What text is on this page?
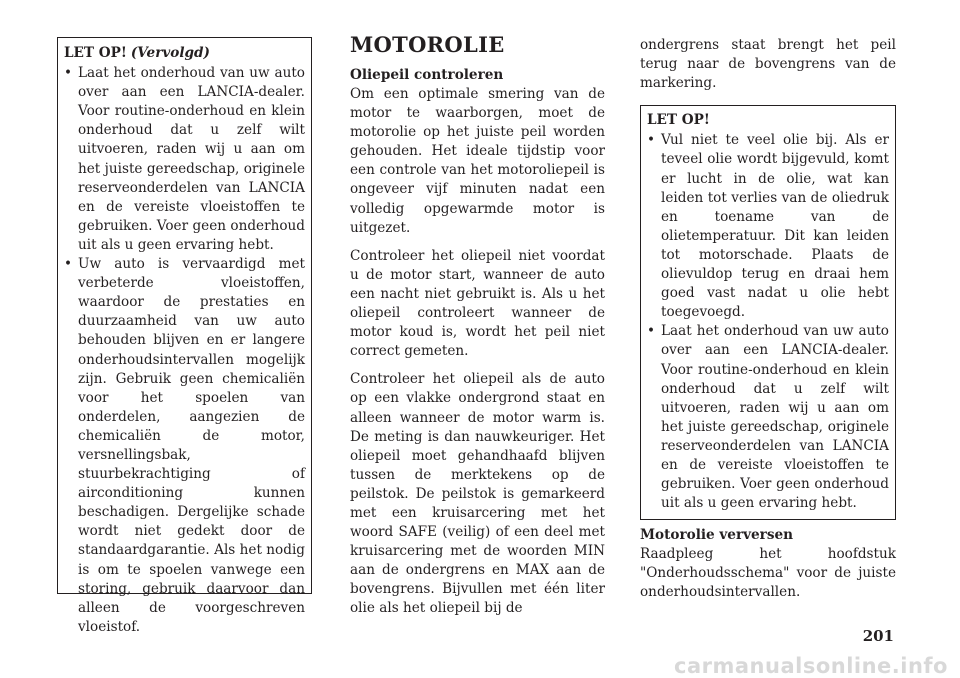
LET OP! (Vervolgd)
• Laat het onderhoud van uw auto over aan een LANCIA-dealer. Voor routine-onderhoud en klein onderhoud dat u zelf wilt uitvoeren, raden wij u aan om het juiste gereedschap, originele reserveonderdelen van LANCIA en de vereiste vloeistoffen te gebruiken. Voer geen onderhoud uit als u geen ervaring hebt.
• Uw auto is vervaardigd met verbeterde vloeistoffen, waardoor de prestaties en duurzaamheid van uw auto behouden blijven en er langere onderhoudsintervallen mogelijk zijn. Gebruik geen chemicaliën voor het spoelen van onderdelen, aangezien de chemicaliën de motor, versnellingsbak, stuurbekrachtiging of airconditioning kunnen beschadigen. Dergelijke schade wordt niet gedekt door de standaardgarantie. Als het nodig is om te spoelen vanwege een storing, gebruik daarvoor dan alleen de voorgeschreven vloeistof.
MOTOROLIE
Oliepeil controleren

Om een optimale smering van de motor te waarborgen, moet de motorolie op het juiste peil worden gehouden. Het ideale tijdstip voor een controle van het motoroliepeil is ongeveer vijf minuten nadat een volledig opgewarmde motor is uitgezet.

Controleer het oliepeil niet voordat u de motor start, wanneer de auto een nacht niet gebruikt is. Als u het oliepeil controleert wanneer de motor koud is, wordt het peil niet correct gemeten.

Controleer het oliepeil als de auto op een vlakke ondergrond staat en alleen wanneer de motor warm is. De meting is dan nauwkeuriger. Het oliepeil moet gehandhaafd blijven tussen de merktekens op de peilstok. De peilstok is gemarkeerd met een kruisarcering met het woord SAFE (veilig) of een deel met kruisarcering met de woorden MIN aan de ondergrens en MAX aan de bovengrens. Bijvullen met één liter olie als het oliepeil bij de

ondergrens staat brengt het peil terug naar de bovengrens van de markering.

LET OP!
• Vul niet te veel olie bij. Als er teveel olie wordt bijgevuld, komt er lucht in de olie, wat kan leiden tot verlies van de oliedruk en toename van de olietemperatuur. Dit kan leiden tot motorschade. Plaats de olievuldop terug en draai hem goed vast nadat u olie hebt toegevoegd.
• Laat het onderhoud van uw auto over aan een LANCIA-dealer. Voor routine-onderhoud en klein onderhoud dat u zelf wilt uitvoeren, raden wij u aan om het juiste gereedschap, originele reserveonderdelen van LANCIA en de vereiste vloeistoffen te gebruiken. Voer geen onderhoud uit als u geen ervaring hebt.
Motorolie verversen

Raadpleeg het hoofdstuk "Onderhoudsschema" voor de juiste onderhoudsintervallen.

201
carmanualsonline.info
